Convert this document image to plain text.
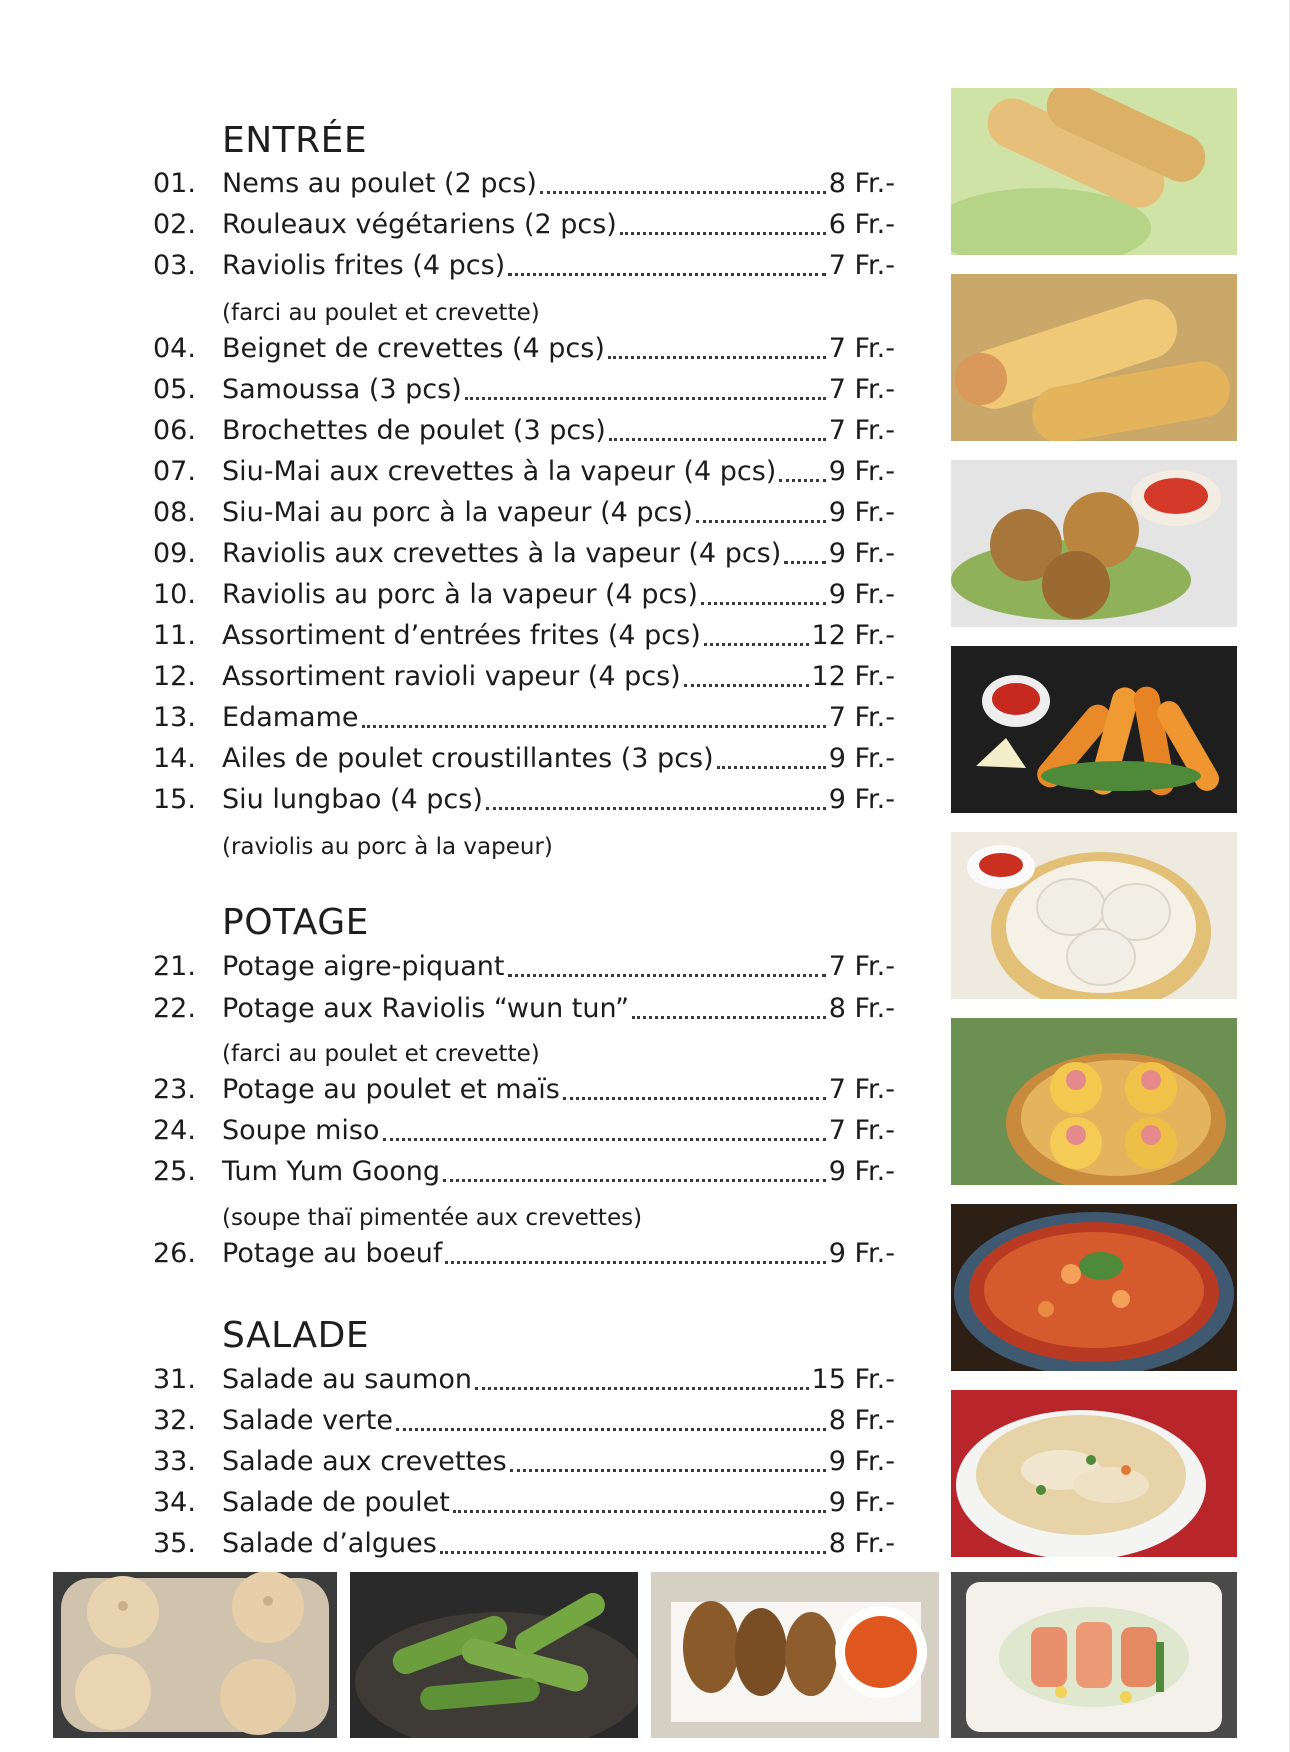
ENTRÉE
01. Nems au poulet (2 pcs)	8 Fr.-
02. Rouleaux végétariens (2 pcs)	6 Fr.-
03. Raviolis frites (4 pcs)	7 Fr.-
(farci au poulet et crevette)
04. Beignet de crevettes (4 pcs)	7 Fr.-
05. Samoussa (3 pcs)	7 Fr.-
06. Brochettes de poulet (3 pcs)	7 Fr.-
07. Siu-Mai aux crevettes à la vapeur (4 pcs) 9 Fr.-
08. Siu-Mai au porc à la vapeur (4 pcs)	9 Fr.-
09. Raviolis aux crevettes à la vapeur (4 pcs) 9 Fr.-
10. Raviolis au porc à la vapeur (4 pcs)	9 Fr.-
11. Assortiment d’entrées frites (4 pcs)	12 Fr.-
12. Assortiment ravioli vapeur (4 pcs)	12 Fr.-
13. Edamame	7 Fr.-
14. Ailes de poulet croustillantes (3 pcs)	9 Fr.-
15. Siu lungbao (4 pcs)	9 Fr.-
(raviolis au porc à la vapeur)
POTAGE
21. Potage aigre-piquant	7 Fr.-
22. Potage aux Raviolis “wun tun”	8 Fr.-
(farci au poulet et crevette)
23. Potage au poulet et maïs	7 Fr.-
24. Soupe miso	7 Fr.-
25. Tum Yum Goong	9 Fr.-
(soupe thaï pimentée aux crevettes)
26. Potage au boeuf	9 Fr.-
SALADE
31. Salade au saumon	15 Fr.-
32. Salade verte	8 Fr.-
33. Salade aux crevettes	9 Fr.-
34. Salade de poulet	9 Fr.-
35. Salade d’algues	8 Fr.-
